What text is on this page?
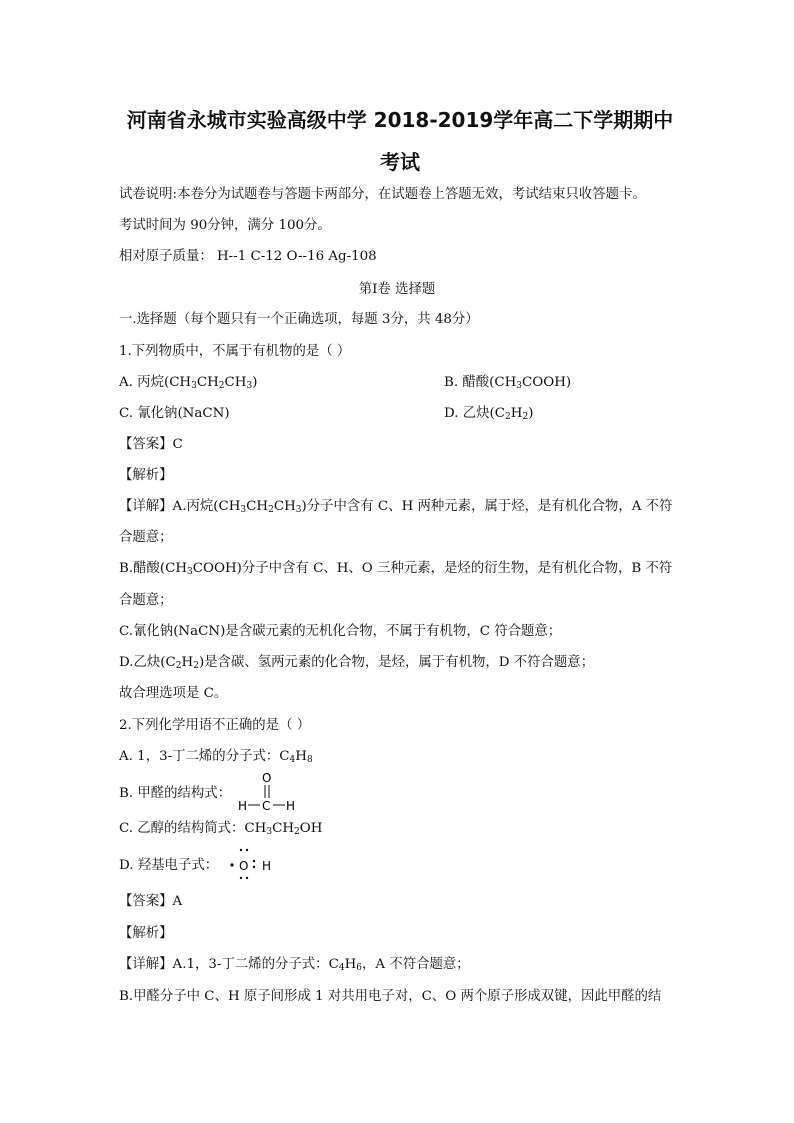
河南省永城市实验高级中学 2018-2019学年高二下学期期中
考试
试卷说明:本卷分为试题卷与答题卡两部分，在试题卷上答题无效，考试结束只收答题卡。
考试时间为 90分钟，满分 100分。
相对原子质量： H--1 C-12 O--16 Ag-108
第Ⅰ卷 选择题
一.选择题（每个题只有一个正确选项，每题 3分，共 48分）
1.下列物质中，不属于有机物的是（ ）
A. 丙烷$(CH_3CH_2CH_3)$	B. 醋酸$(CH_3COOH)$
C. 氰化钠(NaCN)	D. 乙炔$(C_2H_2)$
【答案】C
【解析】
【详解】A.丙烷$(CH_3CH_2CH_3)$分子中含有 C、H 两种元素，属于烃，是有机化合物，A 不符
合题意；
B.醋酸$(CH_3COOH)$分子中含有 C、H、O 三种元素，是烃的衍生物，是有机化合物，B 不符
合题意；
C.氰化钠(NaCN)是含碳元素的无机化合物，不属于有机物，C 符合题意；
D.乙炔$(C_2H_2)$是含碳、氢两元素的化合物，是烃，属于有机物，D 不符合题意；
故合理选项是 C。
2.下列化学用语不正确的是（ ）
A. 1，3-丁二烯的分子式：$C_4H_8$
B. 甲醛的结构式：
O
H C H
C. 乙醇的结构简式：$CH_3CH_2OH$
D. 羟基电子式： O H
【答案】A
【解析】
【详解】A.1，3-丁二烯的分子式：$C_4H_6$，A 不符合题意；
B.甲醛分子中 C、H 原子间形成 1 对共用电子对，C、O 两个原子形成双键，因此甲醛的结
